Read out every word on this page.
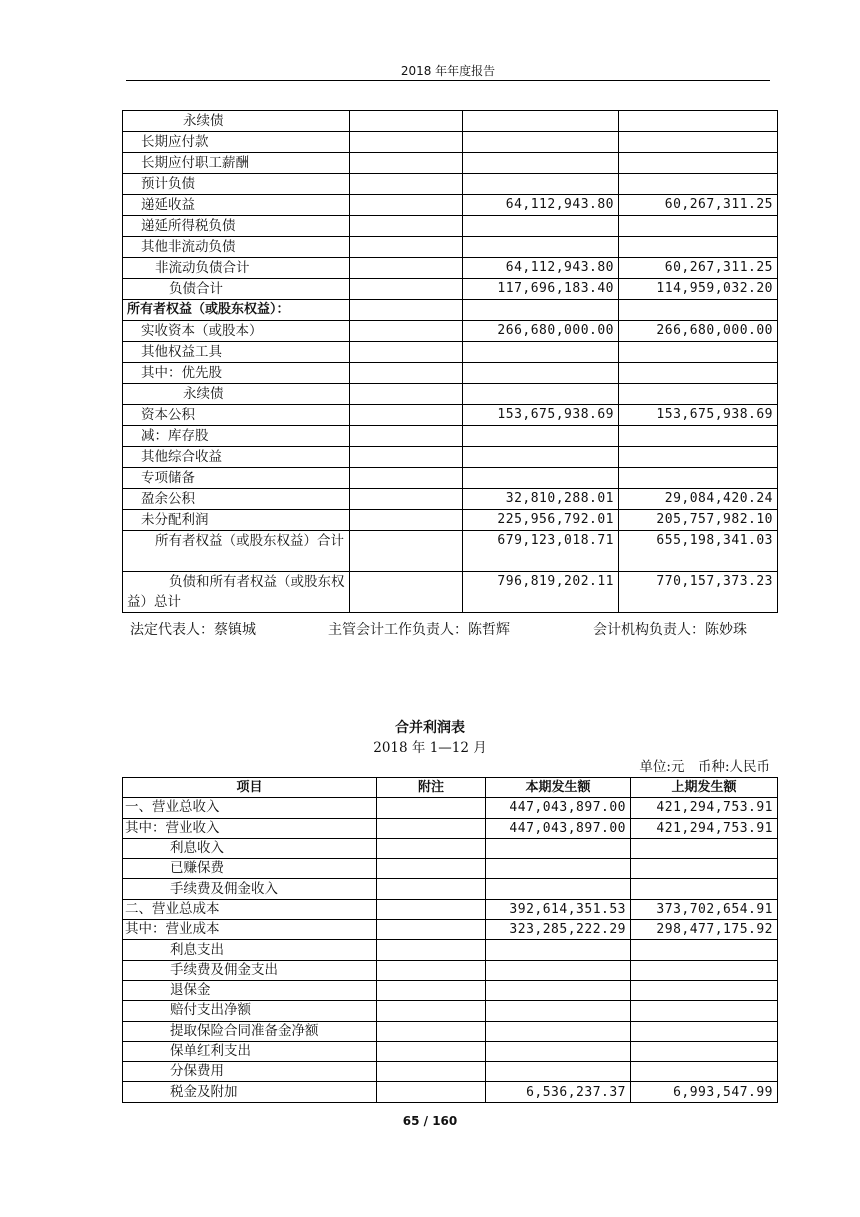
2018 年年度报告
永续债			
长期应付款			
长期应付职工薪酬			
预计负债			
递延收益		64,112,943.80	60,267,311.25
递延所得税负债			
其他非流动负债			
非流动负债合计		64,112,943.80	60,267,311.25
负债合计		117,696,183.40	114,959,032.20
所有者权益（或股东权益）：			
实收资本（或股本）		266,680,000.00	266,680,000.00
其他权益工具			
其中：优先股			
永续债			
资本公积		153,675,938.69	153,675,938.69
减：库存股			
其他综合收益			
专项储备			
盈余公积		32,810,288.01	29,084,420.24
未分配利润		225,956,792.01	205,757,982.10
所有者权益（或股东权益）合计		679,123,018.71	655,198,341.03
负债和所有者权益（或股东权益）总计		796,819,202.11	770,157,373.23
法定代表人：蔡镇城	主管会计工作负责人：陈哲辉	会计机构负责人：陈妙珠
合并利润表
2018 年 1—12 月
单位:元　币种:人民币
项目	附注	本期发生额	上期发生额
一、营业总收入		447,043,897.00	421,294,753.91
其中：营业收入		447,043,897.00	421,294,753.91
利息收入			
已赚保费			
手续费及佣金收入			
二、营业总成本		392,614,351.53	373,702,654.91
其中：营业成本		323,285,222.29	298,477,175.92
利息支出			
手续费及佣金支出			
退保金			
赔付支出净额			
提取保险合同准备金净额			
保单红利支出			
分保费用			
税金及附加		6,536,237.37	6,993,547.99
65 / 160
